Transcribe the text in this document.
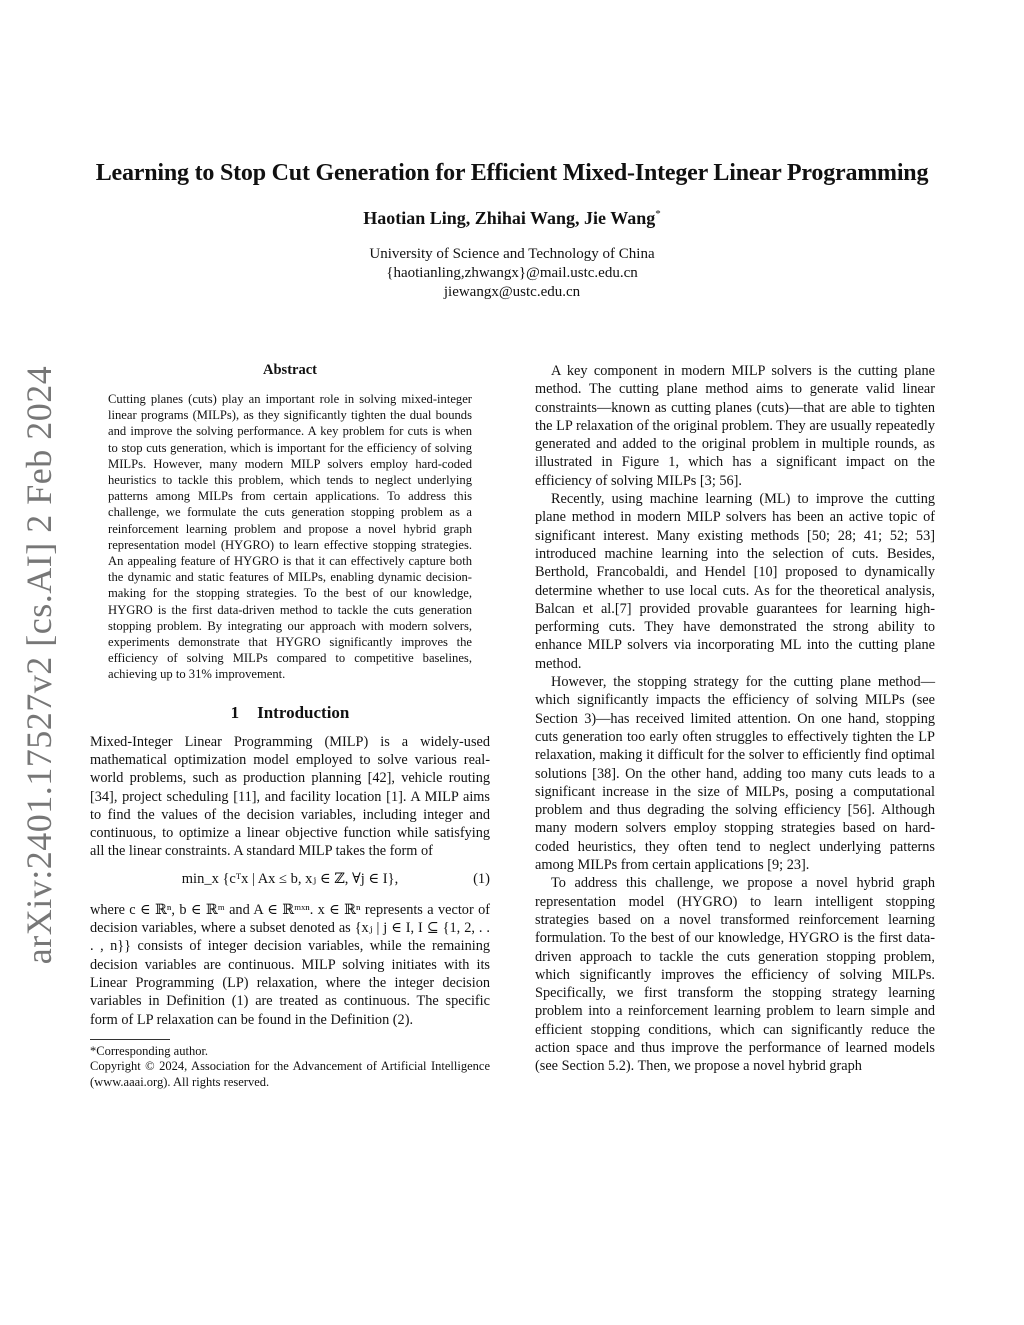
arXiv:2401.17527v2 [cs.AI] 2 Feb 2024
Learning to Stop Cut Generation for Efficient Mixed-Integer Linear Programming
Haotian Ling, Zhihai Wang, Jie Wang*
University of Science and Technology of China
{haotianling,zhwangx}@mail.ustc.edu.cn
jiewangx@ustc.edu.cn
Abstract

Cutting planes (cuts) play an important role in solving mixed-integer linear programs (MILPs), as they significantly tighten the dual bounds and improve the solving performance. A key problem for cuts is when to stop cuts generation, which is important for the efficiency of solving MILPs. However, many modern MILP solvers employ hard-coded heuristics to tackle this problem, which tends to neglect underlying patterns among MILPs from certain applications. To address this challenge, we formulate the cuts generation stopping problem as a reinforcement learning problem and propose a novel hybrid graph representation model (HYGRO) to learn effective stopping strategies. An appealing feature of HYGRO is that it can effectively capture both the dynamic and static features of MILPs, enabling dynamic decision-making for the stopping strategies. To the best of our knowledge, HYGRO is the first data-driven method to tackle the cuts generation stopping problem. By integrating our approach with modern solvers, experiments demonstrate that HYGRO significantly improves the efficiency of solving MILPs compared to competitive baselines, achieving up to 31% improvement.

1 Introduction

Mixed-Integer Linear Programming (MILP) is a widely-used mathematical optimization model employed to solve various real-world problems, such as production planning [42], vehicle routing [34], project scheduling [11], and facility location [1]. A MILP aims to find the values of the decision variables, including integer and continuous, to optimize a linear objective function while satisfying all the linear constraints. A standard MILP takes the form of

min_x {cᵀx | Ax ≤ b, xⱼ ∈ ℤ, ∀j ∈ I},	(1)

where c ∈ ℝⁿ, b ∈ ℝᵐ and A ∈ ℝᵐˣⁿ. x ∈ ℝⁿ represents a vector of decision variables, where a subset denoted as {xⱼ | j ∈ I, I ⊆ {1, 2, . . . , n}} consists of integer decision variables, while the remaining decision variables are continuous. MILP solving initiates with its Linear Programming (LP) relaxation, where the integer decision variables in Definition (1) are treated as continuous. The specific form of LP relaxation can be found in the Definition (2).

*Corresponding author.

Copyright © 2024, Association for the Advancement of Artificial Intelligence (www.aaai.org). All rights reserved.

A key component in modern MILP solvers is the cutting plane method. The cutting plane method aims to generate valid linear constraints—known as cutting planes (cuts)—that are able to tighten the LP relaxation of the original problem. They are usually repeatedly generated and added to the original problem in multiple rounds, as illustrated in Figure 1, which has a significant impact on the efficiency of solving MILPs [3; 56].

Recently, using machine learning (ML) to improve the cutting plane method in modern MILP solvers has been an active topic of significant interest. Many existing methods [50; 28; 41; 52; 53] introduced machine learning into the selection of cuts. Besides, Berthold, Francobaldi, and Hendel [10] proposed to dynamically determine whether to use local cuts. As for the theoretical analysis, Balcan et al.[7] provided provable guarantees for learning high-performing cuts. They have demonstrated the strong ability to enhance MILP solvers via incorporating ML into the cutting plane method.

However, the stopping strategy for the cutting plane method—which significantly impacts the efficiency of solving MILPs (see Section 3)—has received limited attention. On one hand, stopping cuts generation too early often struggles to effectively tighten the LP relaxation, making it difficult for the solver to efficiently find optimal solutions [38]. On the other hand, adding too many cuts leads to a significant increase in the size of MILPs, posing a computational problem and thus degrading the solving efficiency [56]. Although many modern solvers employ stopping strategies based on hard-coded heuristics, they often tend to neglect underlying patterns among MILPs from certain applications [9; 23].

To address this challenge, we propose a novel hybrid graph representation model (HYGRO) to learn intelligent stopping strategies based on a novel transformed reinforcement learning formulation. To the best of our knowledge, HYGRO is the first data-driven approach to tackle the cuts generation stopping problem, which significantly improves the efficiency of solving MILPs. Specifically, we first transform the stopping strategy learning problem into a reinforcement learning problem to learn simple and efficient stopping conditions, which can significantly reduce the action space and thus improve the performance of learned models (see Section 5.2). Then, we propose a novel hybrid graph
